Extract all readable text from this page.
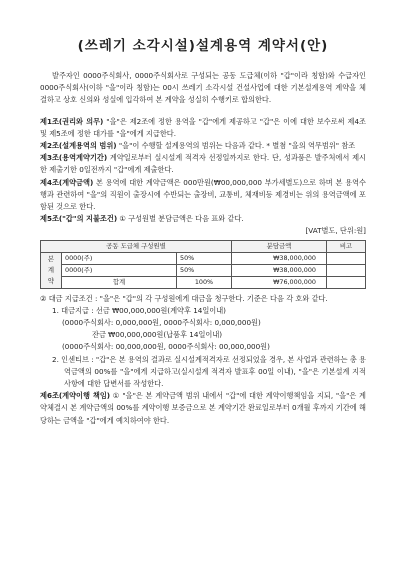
(쓰레기 소각시설)설계용역 계약서(안)

발주자인 0000주식회사, 0000주식회사로 구성되는 공동 도급체(이하 "갑"이라 칭함)와 수급자인 0000주식회사(이하 "을"이라 칭함)는 00시 쓰레기 소각시설 건설사업에 대한 기본설계용역 계약을 체결하고 상호 신의와 성실에 입각하여 본 계약을 성실히 수행키로 합의한다.

제1조(권리와 의무) "을"은 제2조에 정한 용역을 "갑"에게 제공하고 "갑"은 이에 대한 보수로써 제4조 및 제5조에 정한 대가를 "을"에게 지급한다.

제2조(설계용역의 범위) "을"이 수행할 설계용역의 범위는 다음과 같다. * 별첨 "을의 역무범위" 참조

제3조(용역계약기간) 계약일로부터 실시설계 적격자 선정일까지로 한다. 단, 성과품은 발주처에서 제시한 제출기한 0일전까지 "갑"에게 제출한다.

제4조(계약금액) 본 용역에 대한 계약금액은 000만원(₩00,000,000 부가세별도)으로 하며 본 용역수행과 관련하여 "을"의 직원이 출장시에 수반되는 출장비, 교통비, 체재비등 제경비는 위의 용역금액에 포함된 것으로 한다.

제5조("갑"의 지불조건) ① 구성원별 분담금액은 다음 표와 같다.

[VAT별도, 단위:원]

공동 도급체 구성원별			분담금액	비고
본
계
약	0000(주)	50%	₩38,000,000	
	0000(주)	50%	₩38,000,000	
	합계	100%	₩76,000,000	

② 대금 지급조건 : "을"은 "갑"의 각 구성원에게 대금을 청구한다. 기준은 다음 각 호와 같다.

1. 대금지급 : 선금 ₩00,000,000원(계약후 14일이내)

(0000주식회사: 0,000,000원, 0000주식회사: 0,000,000원)

잔금 ₩00,000,000원(납품후 14일이내)

(0000주식회사: 00,000,000원, 0000주식회사: 00,000,000원)

2. 인센티브 : "갑"은 본 용역의 결과로 실시설계적격자로 선정되었을 경우, 본 사업과 관련하는 총 용역금액의 00%를 "을"에게 지급하고(실시설계 적격자 발표후 00일 이내), "을"은 기본설계 지적사항에 대한 답변서를 작성한다.

제6조(계약이행 책임) ① "을"은 본 계약금액 범위 내에서 "갑"에 대한 계약이행책임을 지되, "을"은 계약체결시 본 계약금액의 00%를 계약이행 보증금으로 본 계약기간 완료일로부터 0개월 후까지 기간에 해당하는 금액을 "갑"에게 예치하여야 한다.
